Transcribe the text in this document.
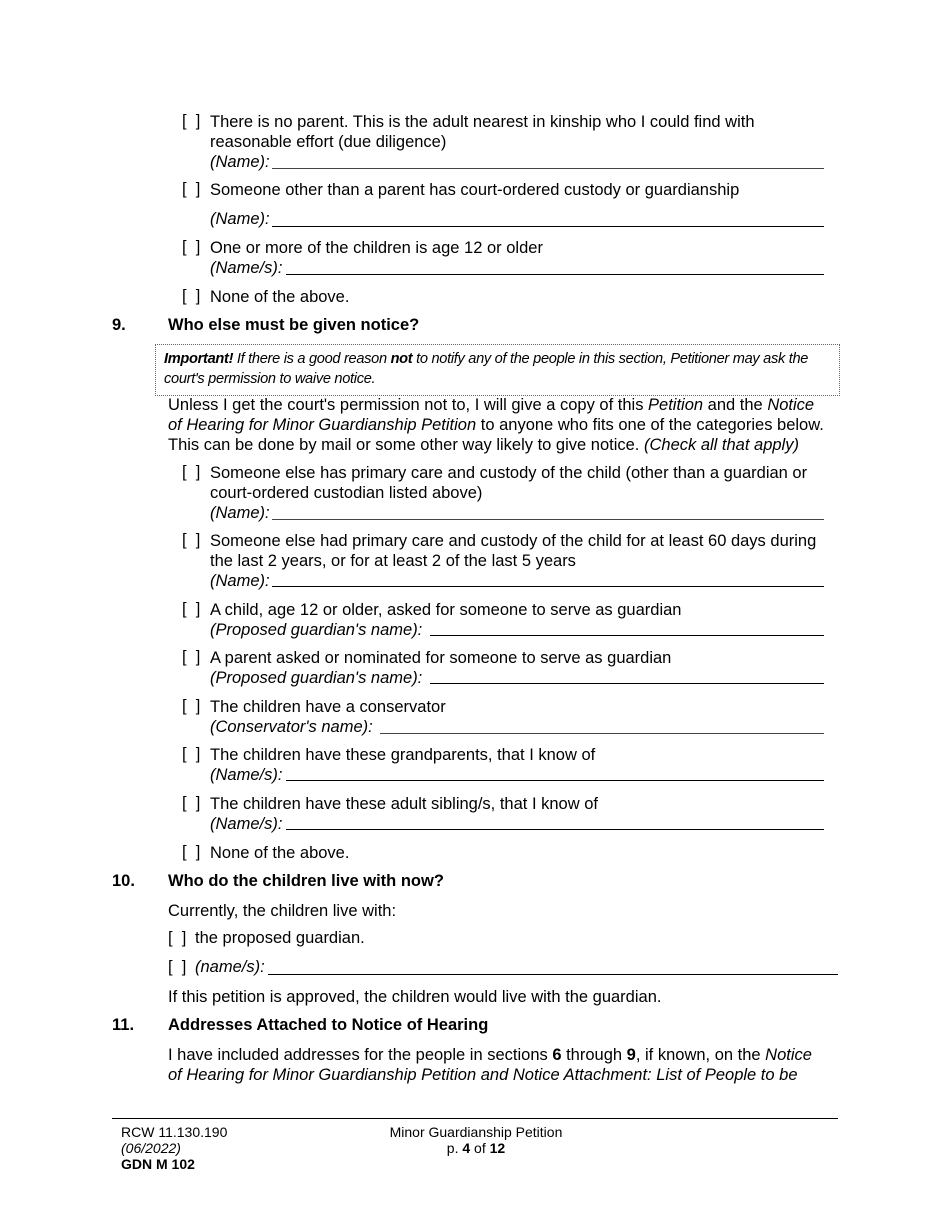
[  ] There is no parent. This is the adult nearest in kinship who I could find with
reasonable effort (due diligence)
(Name):
[  ] Someone other than a parent has court-ordered custody or guardianship
(Name):
[  ] One or more of the children is age 12 or older
(Name/s):
[  ] None of the above.
9.	Who else must be given notice?
Important! If there is a good reason not to notify any of the people in this section, Petitioner may ask the
court's permission to waive notice.
Unless I get the court's permission not to, I will give a copy of this Petition and the Notice
of Hearing for Minor Guardianship Petition to anyone who fits one of the categories below.
This can be done by mail or some other way likely to give notice. (Check all that apply)
[  ] Someone else has primary care and custody of the child (other than a guardian or
court-ordered custodian listed above)
(Name):
[  ] Someone else had primary care and custody of the child for at least 60 days during
the last 2 years, or for at least 2 of the last 5 years
(Name):
[  ] A child, age 12 or older, asked for someone to serve as guardian
(Proposed guardian's name):
[  ] A parent asked or nominated for someone to serve as guardian
(Proposed guardian's name):
[  ] The children have a conservator
(Conservator's name):
[  ] The children have these grandparents, that I know of
(Name/s):
[  ] The children have these adult sibling/s, that I know of
(Name/s):
[  ] None of the above.
10. Who do the children live with now?
Currently, the children live with:
[  ] the proposed guardian.
[  ] (name/s):
If this petition is approved, the children would live with the guardian.
11. Addresses Attached to Notice of Hearing
I have included addresses for the people in sections 6 through 9, if known, on the Notice
of Hearing for Minor Guardianship Petition and Notice Attachment: List of People to be
RCW 11.130.190
(06/2022)
GDN M 102
Minor Guardianship Petition
p. 4 of 12
